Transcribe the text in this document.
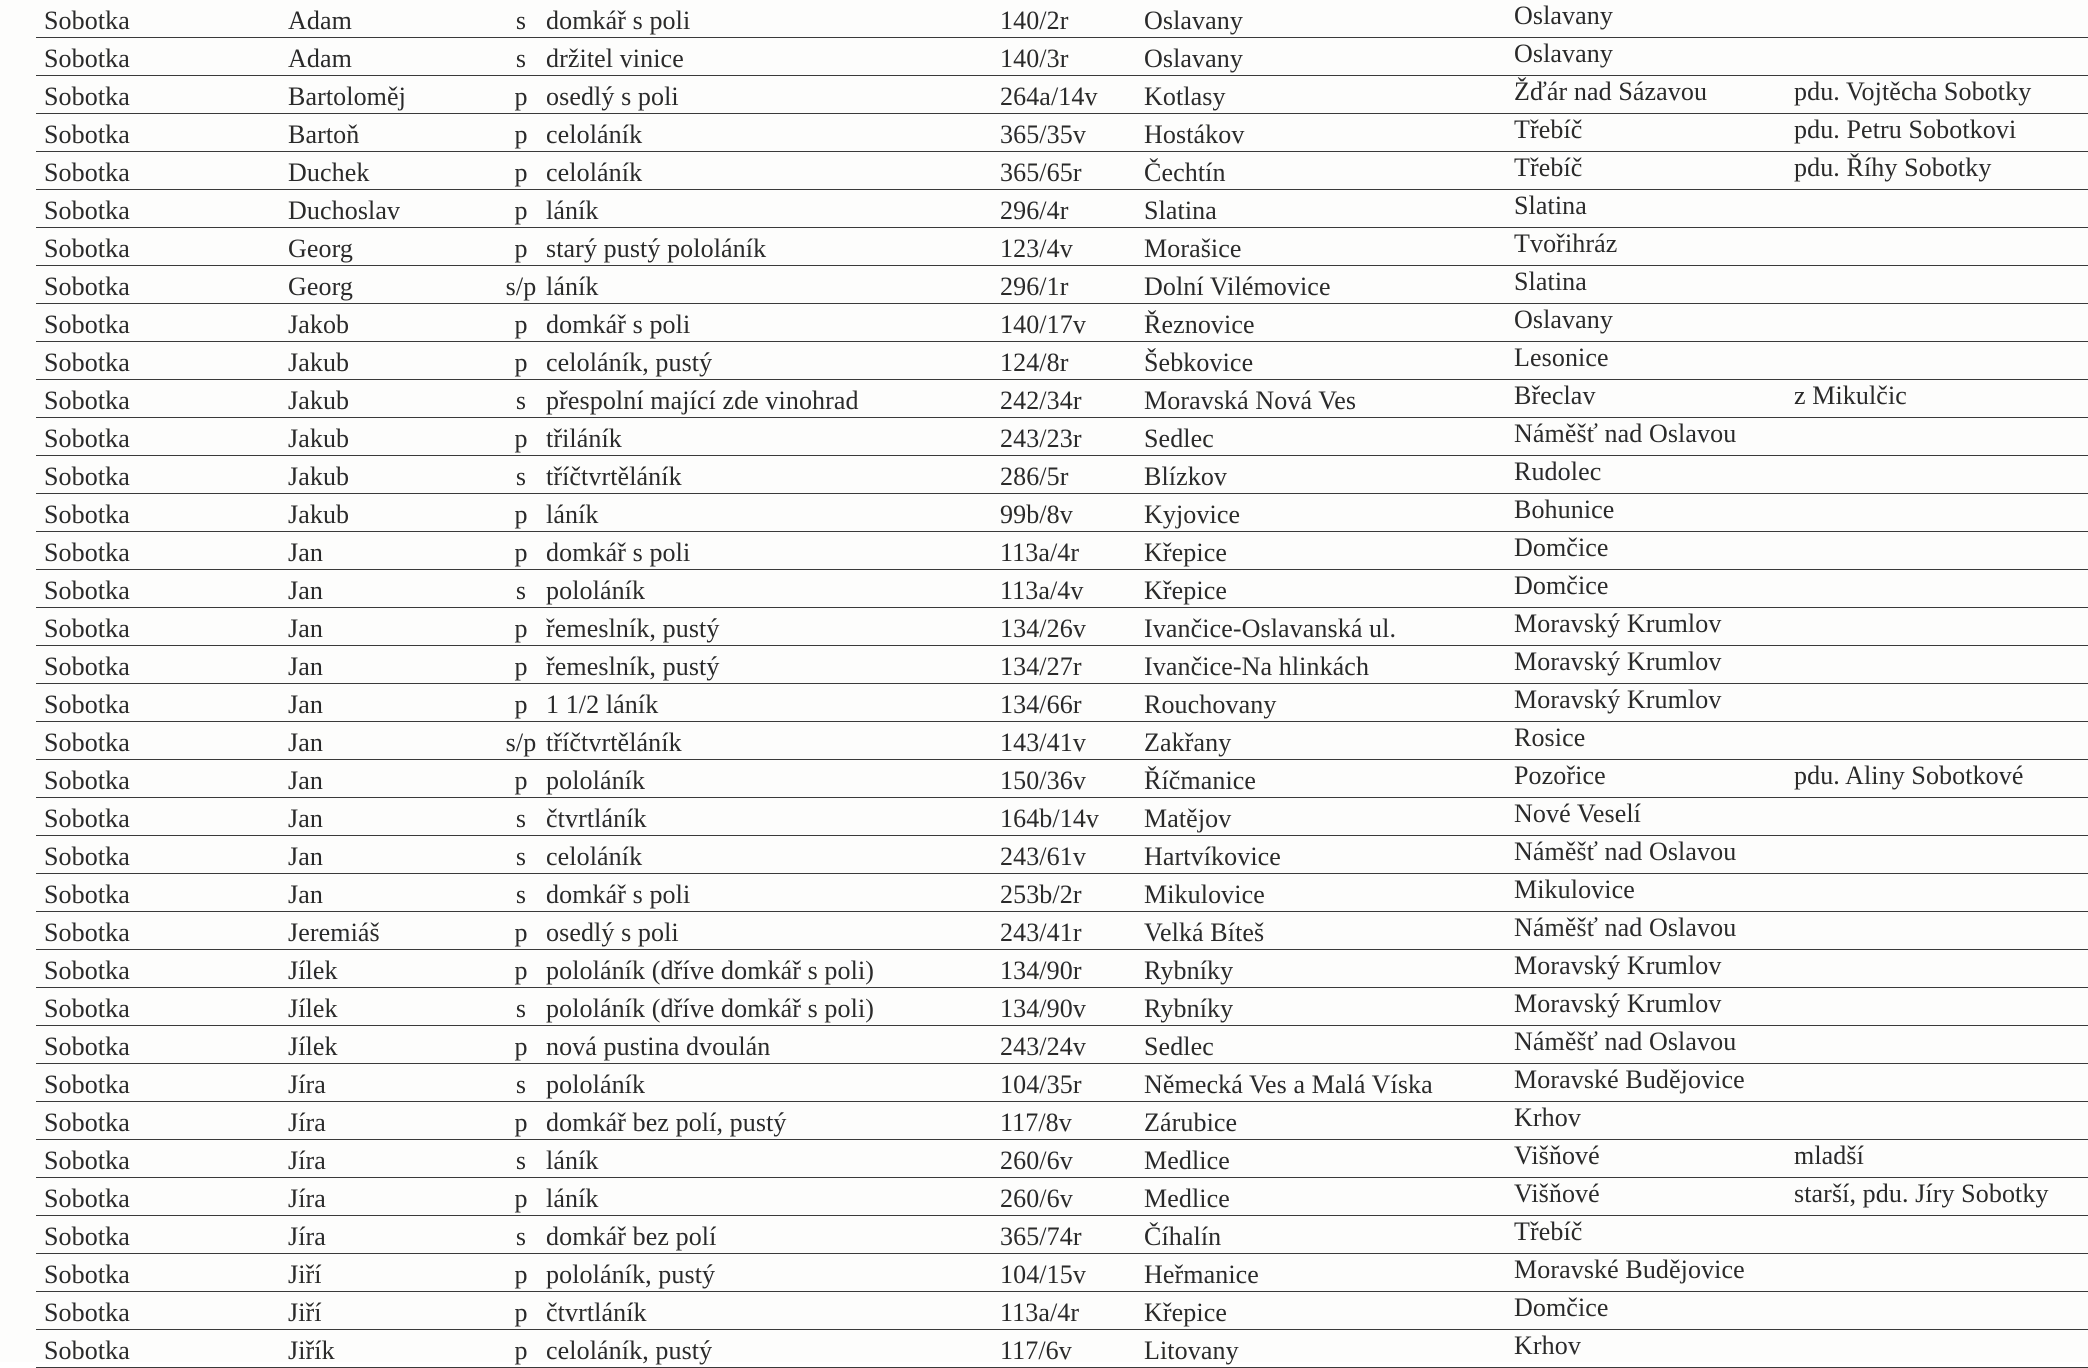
Sobotka	Adam	s domkář s poli	140/2r	Oslavany	Oslavany
Sobotka	Adam	s držitel vinice	140/3r	Oslavany	Oslavany
Sobotka	Bartoloměj	p osedlý s poli	264a/14v Kotlasy	Žďár nad Sázavou	pdu. Vojtěcha Sobotky
Sobotka	Bartoň	p celoláník	365/35v Hostákov	Třebíč	pdu. Petru Sobotkovi
Sobotka	Duchek	p celoláník	365/65r Čechtín	Třebíč	pdu. Říhy Sobotky
Sobotka	Duchoslav	p láník	296/4r	Slatina	Slatina
Sobotka	Georg	p starý pustý pololáník	123/4v	Morašice	Tvořihráz
Sobotka	Georg	s/p láník	296/1r	Dolní Vilémovice	Slatina
Sobotka	Jakob	p domkář s poli	140/17v Řeznovice	Oslavany
Sobotka	Jakub	p celoláník, pustý	124/8r	Šebkovice	Lesonice
Sobotka	Jakub	s přespolní mající zde vinohrad	242/34r Moravská Nová Ves	Břeclav	z Mikulčic
Sobotka	Jakub	p třiláník	243/23r Sedlec	Náměšť nad Oslavou
Sobotka	Jakub	s tříčtvrtěláník	286/5r	Blízkov	Rudolec
Sobotka	Jakub	p láník	99b/8v	Kyjovice	Bohunice
Sobotka	Jan	p domkář s poli	113a/4r Křepice	Domčice
Sobotka	Jan	s pololáník	113a/4v Křepice	Domčice
Sobotka	Jan	p řemeslník, pustý	134/26v Ivančice-Oslavanská ul.	Moravský Krumlov
Sobotka	Jan	p řemeslník, pustý	134/27r Ivančice-Na hlinkách	Moravský Krumlov
Sobotka	Jan	p 1 1/2 láník	134/66r Rouchovany	Moravský Krumlov
Sobotka	Jan	s/p tříčtvrtěláník	143/41v Zakřany	Rosice
Sobotka	Jan	p pololáník	150/36v Říčmanice	Pozořice	pdu. Aliny Sobotkové
Sobotka	Jan	s čtvrtláník	164b/14v Matějov	Nové Veselí
Sobotka	Jan	s celoláník	243/61v Hartvíkovice	Náměšť nad Oslavou
Sobotka	Jan	s domkář s poli	253b/2r Mikulovice	Mikulovice
Sobotka	Jeremiáš	p osedlý s poli	243/41r Velká Bíteš	Náměšť nad Oslavou
Sobotka	Jílek	p pololáník (dříve domkář s poli)	134/90r Rybníky	Moravský Krumlov
Sobotka	Jílek	s pololáník (dříve domkář s poli)	134/90v Rybníky	Moravský Krumlov
Sobotka	Jílek	p nová pustina dvoulán	243/24v Sedlec	Náměšť nad Oslavou
Sobotka	Jíra	s pololáník	104/35r Německá Ves a Malá Víska	Moravské Budějovice
Sobotka	Jíra	p domkář bez polí, pustý	117/8v	Zárubice	Krhov
Sobotka	Jíra	s láník	260/6v	Medlice	Višňové	mladší
Sobotka	Jíra	p láník	260/6v	Medlice	Višňové	starší, pdu. Jíry Sobotky
Sobotka	Jíra	s domkář bez polí	365/74r Číhalín	Třebíč
Sobotka	Jiří	p pololáník, pustý	104/15v Heřmanice	Moravské Budějovice
Sobotka	Jiří	p čtvrtláník	113a/4r Křepice	Domčice
Sobotka	Jiřík	p celoláník, pustý	117/6v	Litovany	Krhov
